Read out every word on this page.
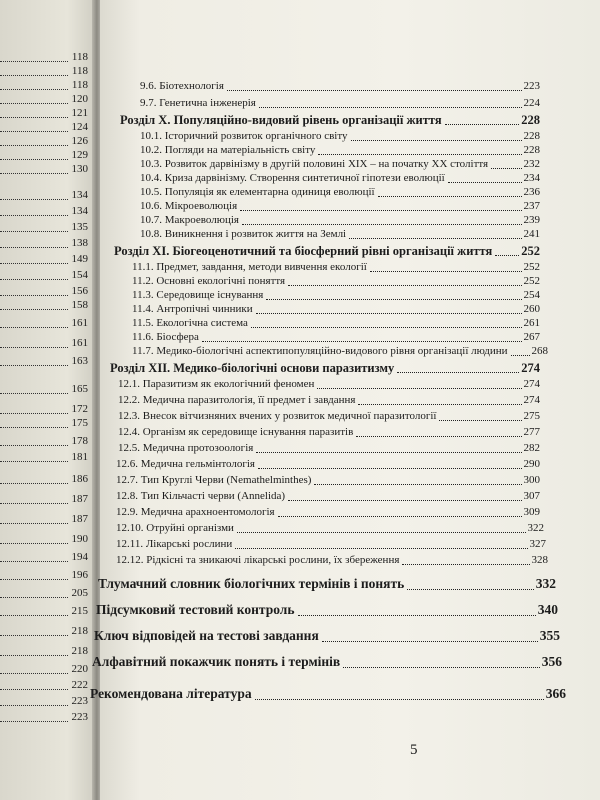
118
118
118
120
121
124
126
129
130
134
134
135
138
149
154
156
158
161
161
163
165
172
175
178
181
186
187
187
190
194
196
205
215
218
218
220
222
223
223
9.6. Біотехнологія	223
9.7. Генетична інженерія	224
Розділ X. Популяційно-видовий рівень організації життя	228
10.1. Історичний розвиток органічного світу	228
10.2. Погляди на матеріальність світу	228
10.3. Розвиток дарвінізму в другій половині XIX – на початку XX століття	232
10.4. Криза дарвінізму. Створення синтетичної гіпотези еволюції	234
10.5. Популяція як елементарна одиниця еволюції	236
10.6. Мікроеволюція	237
10.7. Макроеволюція	239
10.8. Виникнення і розвиток життя на Землі	241
Розділ XI. Біогеоценотичний та біосферний рівні організації життя 252
11.1. Предмет, завдання, методи вивчення екології	252
11.2. Основні екологічні поняття	252
11.3. Середовище існування	254
11.4. Антропічні чинники	260
11.5. Екологічна система	261
11.6. Біосфера	267
11.7. Медико-біологічні аспектипопуляційно-видового рівня організації людини 268
Розділ XII. Медико-біологічні основи паразитизму	274
12.1. Паразитизм як екологічний феномен	274
12.2. Медична паразитологія, її предмет і завдання	274
12.3. Внесок вітчизняних вчених у розвиток медичної паразитології	275
12.4. Організм як середовище існування паразитів	277
12.5. Медична протозоологія	282
12.6. Медична гельмінтологія	290
12.7. Тип Круглі Черви (Nemathelminthes)	300
12.8. Тип Кільчасті черви (Annelida)	307
12.9. Медична арахноентомологія	309
12.10. Отруйні організми	322
12.11. Лікарські рослини	327
12.12. Рідкісні та зникаючі лікарські рослини, їх збереження	328
Тлумачний словник біологічних термінів і понять	332
Підсумковий тестовий контроль	340
Ключ відповідей на тестові завдання	355
Алфавітний покажчик понять і термінів	356
Рекомендована література	366
5
